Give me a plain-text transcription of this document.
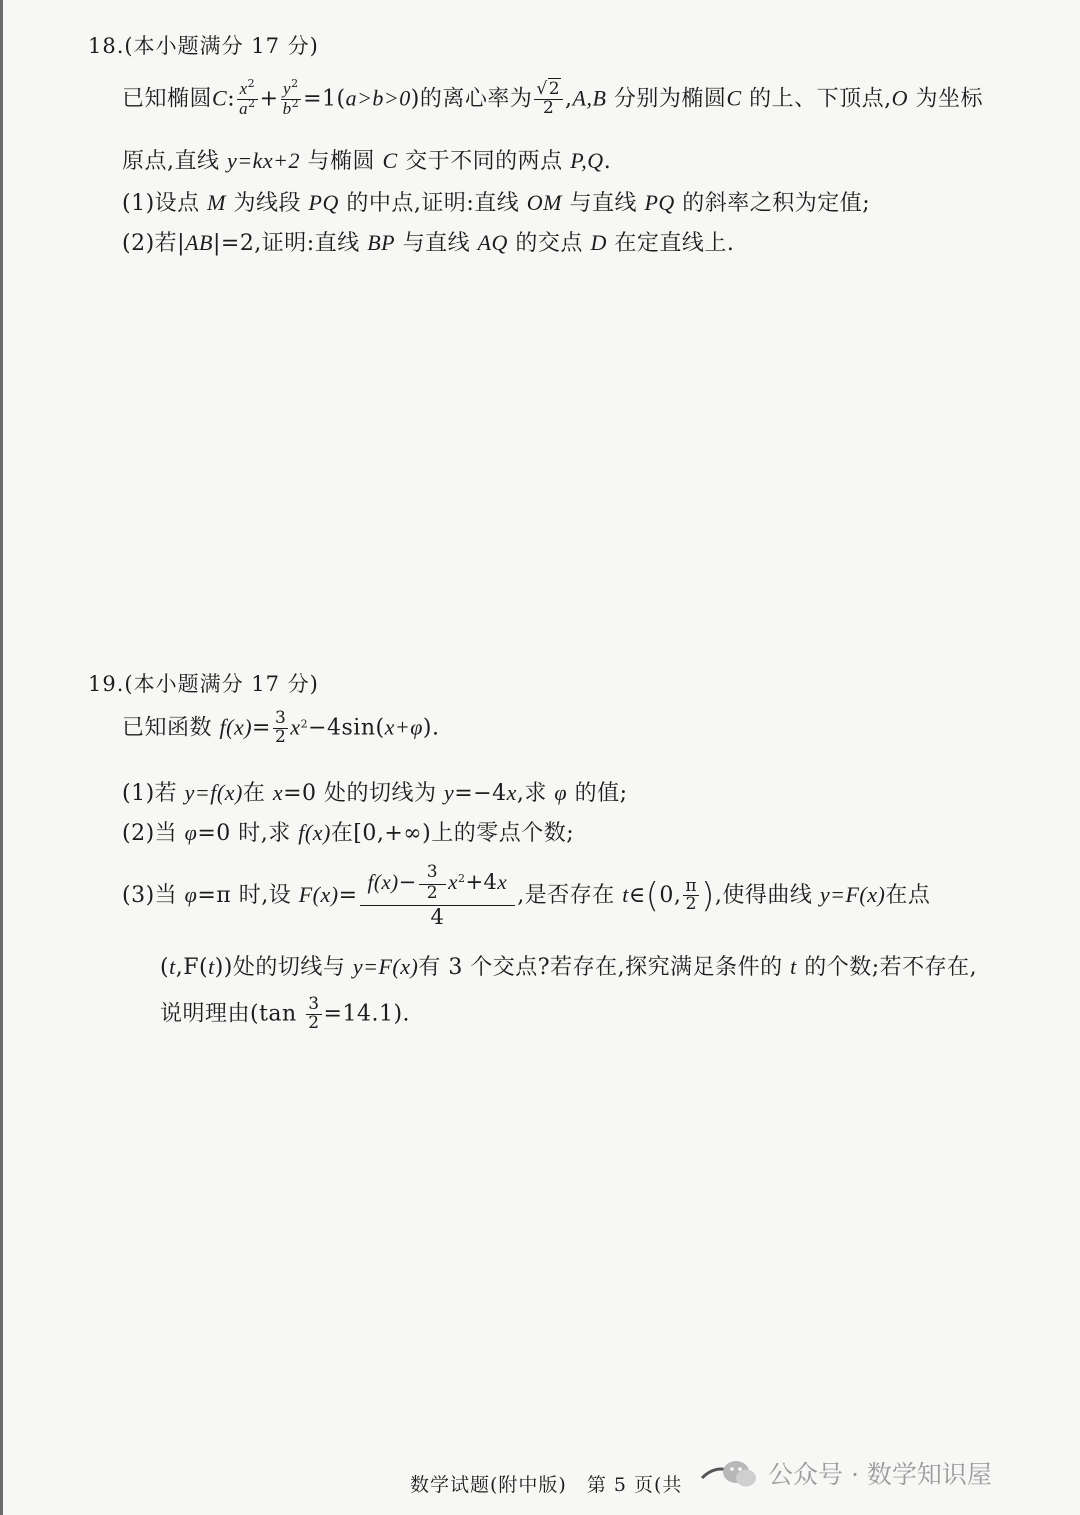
18.(本小题满分 17 分)
已知椭圆C: $\frac{x^2}{a^2} + \frac{y^2}{b^2} =1(a>b>0)$的离心率为 $\frac{√2}{2} ,A,B$ 分别为椭圆C 的上、下顶点,O 为坐标
原点,直线 y=kx+2 与椭圆 C 交于不同的两点 P,Q.
(1)设点 M 为线段 PQ 的中点,证明:直线 OM 与直线 PQ 的斜率之积为定值;
(2)若|AB|=2,证明:直线 BP 与直线 AQ 的交点 D 在定直线上.
19.(本小题满分 17 分)
已知函数 $f(x)= \frac{3}{2} x^2-4\sin(x+\varphi)$.
(1)若 y=f(x)在 x=0 处的切线为 y=−4x,求 φ 的值;
(2)当 φ=0 时,求 f(x)在[0,+∞)上的零点个数;
(3)当 φ=π 时,设 $F(x)= \frac{f(x)- \frac{3}{2} x^2+4x}{4}$ ,是否存在 t∈(0, $\frac{\pi}{2}$ ),使得曲线 y=F(x)在点
(t,F(t))处的切线与 y=F(x)有 3 个交点?若存在,探究满足条件的 t 的个数;若不存在,
说明理由$(\tan \frac{3}{2} =14.1)$.
数学试题(附中版)　第 5 页(共	公众号 · 数学知识屋
